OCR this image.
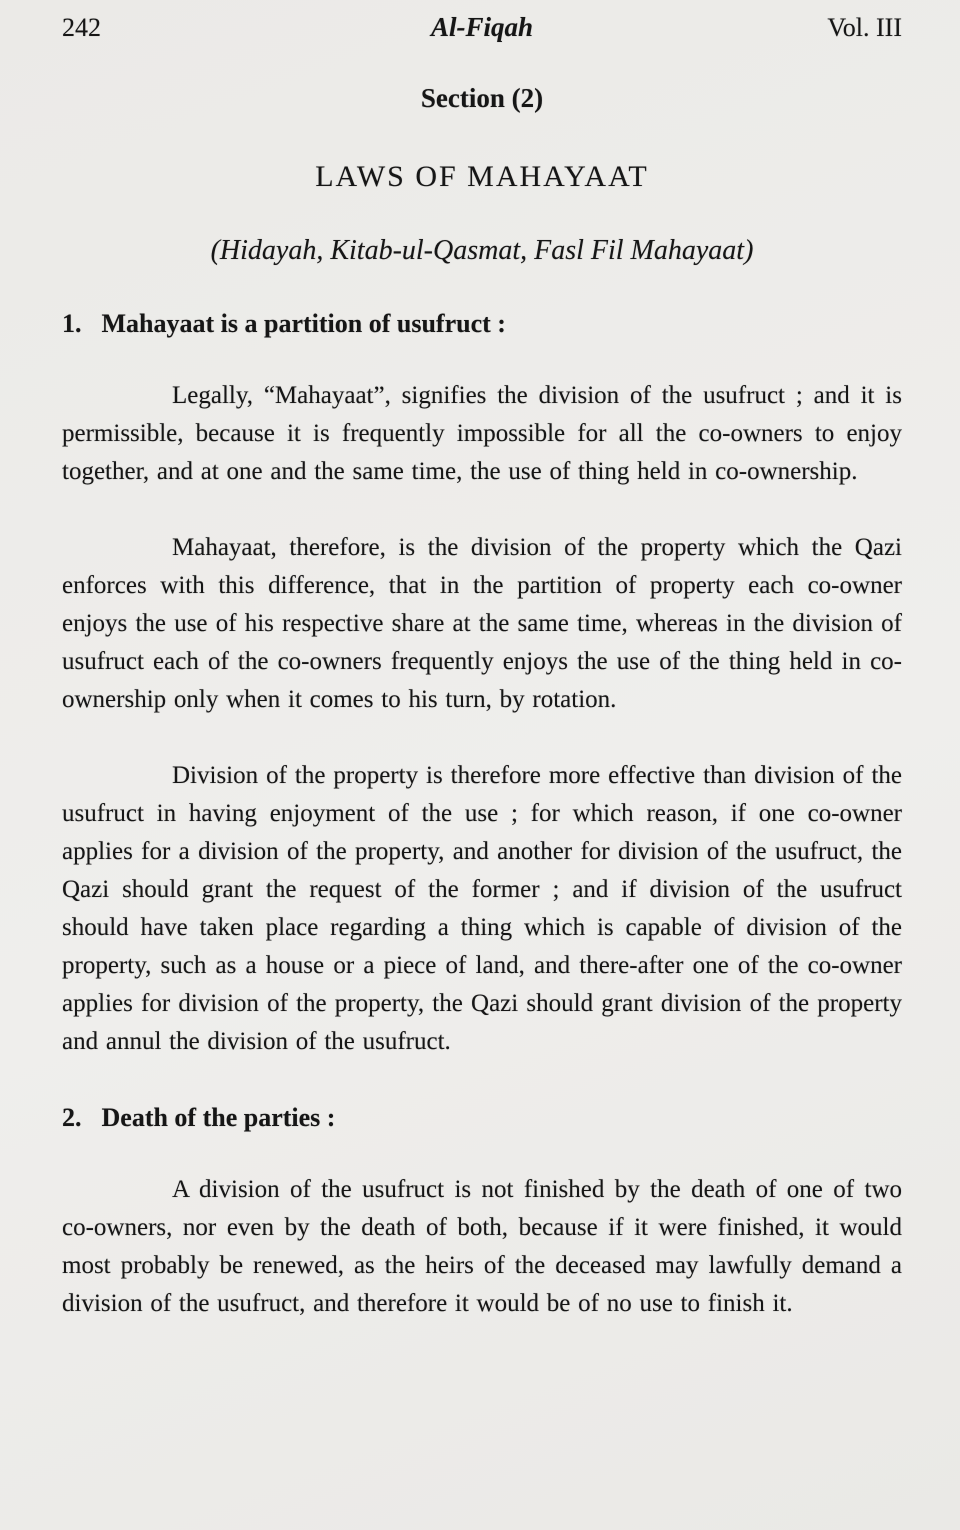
242	Al-Fiqah	Vol. III
Section (2)
LAWS OF MAHAYAAT
(Hidayah, Kitab-ul-Qasmat, Fasl Fil Mahayaat)
1. Mahayaat is a partition of usufruct :

Legally, “Mahayaat”, signifies the division of the usufruct ; and it is permissible, because it is frequently impossible for all the co-owners to enjoy together, and at one and the same time, the use of thing held in co-ownership.

Mahayaat, therefore, is the division of the property which the Qazi enforces with this difference, that in the partition of property each co-owner enjoys the use of his respective share at the same time, whereas in the division of usufruct each of the co-owners frequently enjoys the use of the thing held in co-ownership only when it comes to his turn, by rotation.

Division of the property is therefore more effective than division of the usufruct in having enjoyment of the use ; for which reason, if one co-owner applies for a division of the property, and another for division of the usufruct, the Qazi should grant the request of the former ; and if division of the usufruct should have taken place regarding a thing which is capable of division of the property, such as a house or a piece of land, and there-after one of the co-owner applies for division of the property, the Qazi should grant division of the property and annul the division of the usufruct.

2. Death of the parties :

A division of the usufruct is not finished by the death of one of two co-owners, nor even by the death of both, because if it were finished, it would most probably be renewed, as the heirs of the deceased may lawfully demand a division of the usufruct, and therefore it would be of no use to finish it.
